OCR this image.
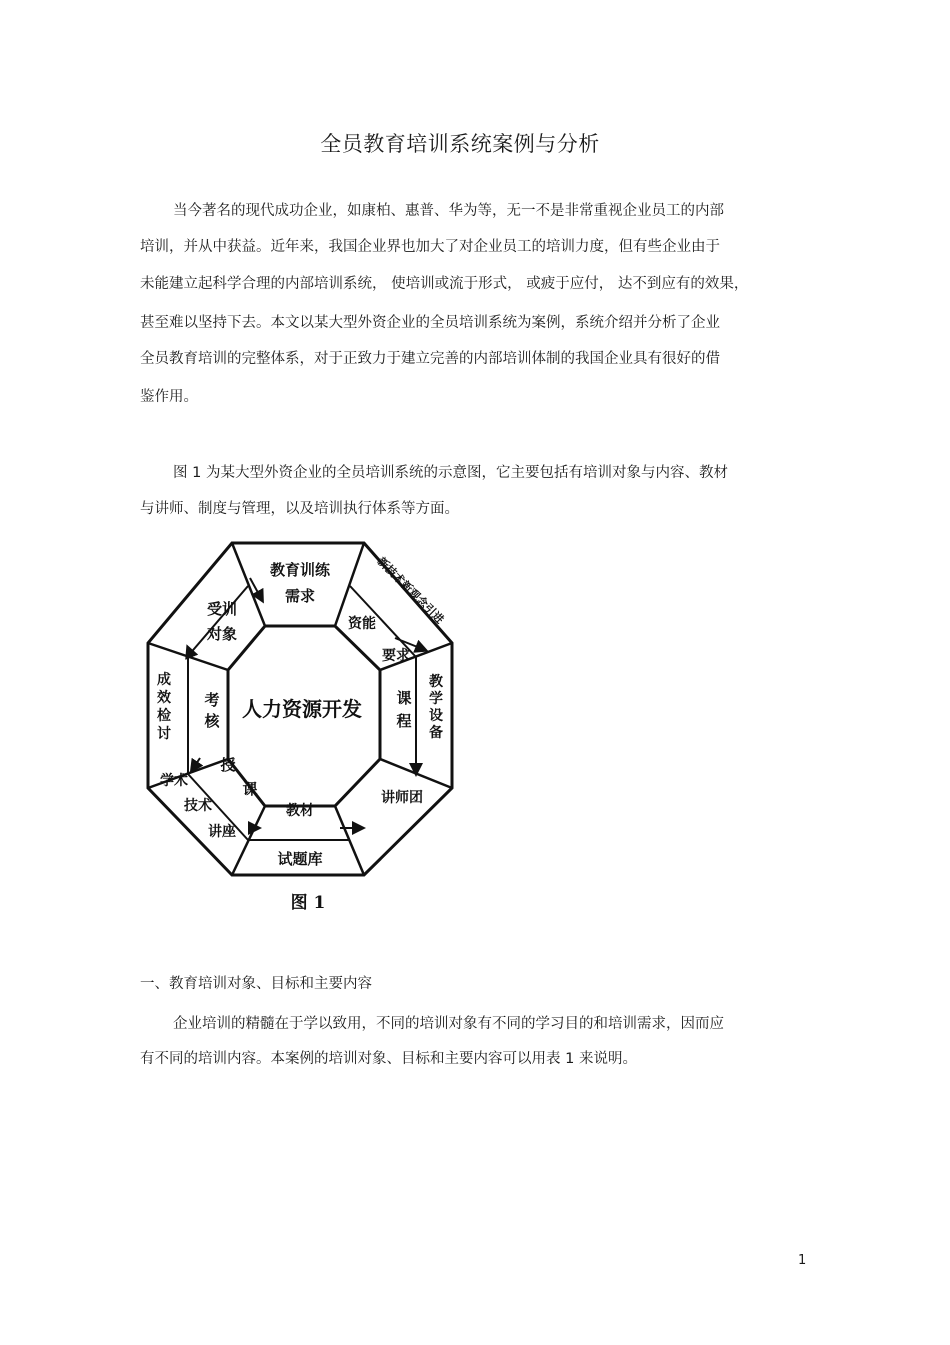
全员教育培训系统案例与分析
当今著名的现代成功企业，如康柏、惠普、华为等，无一不是非常重视企业员工的内部
培训，并从中获益。近年来，我国企业界也加大了对企业员工的培训力度，但有些企业由于
未能建立起科学合理的内部培训系统， 使培训或流于形式， 或疲于应付， 达不到应有的效果，
甚至难以坚持下去。本文以某大型外资企业的全员培训系统为案例，系统介绍并分析了企业
全员教育培训的完整体系，对于正致力于建立完善的内部培训体制的我国企业具有很好的借
鉴作用。
图 1 为某大型外资企业的全员培训系统的示意图，它主要包括有培训对象与内容、教材
与讲师、制度与管理，以及培训执行体系等方面。
人力资源开发
资能
要求
课
程
教材
授
课
考
核
受训
对象
教育训练
需求	新技术新观念引进
教
学
设
备
讲师团
试题库
学术
技术
讲座
成
效
检
讨
图 1
一、教育培训对象、目标和主要内容
企业培训的精髓在于学以致用，不同的培训对象有不同的学习目的和培训需求，因而应
有不同的培训内容。本案例的培训对象、目标和主要内容可以用表 1 来说明。
1
